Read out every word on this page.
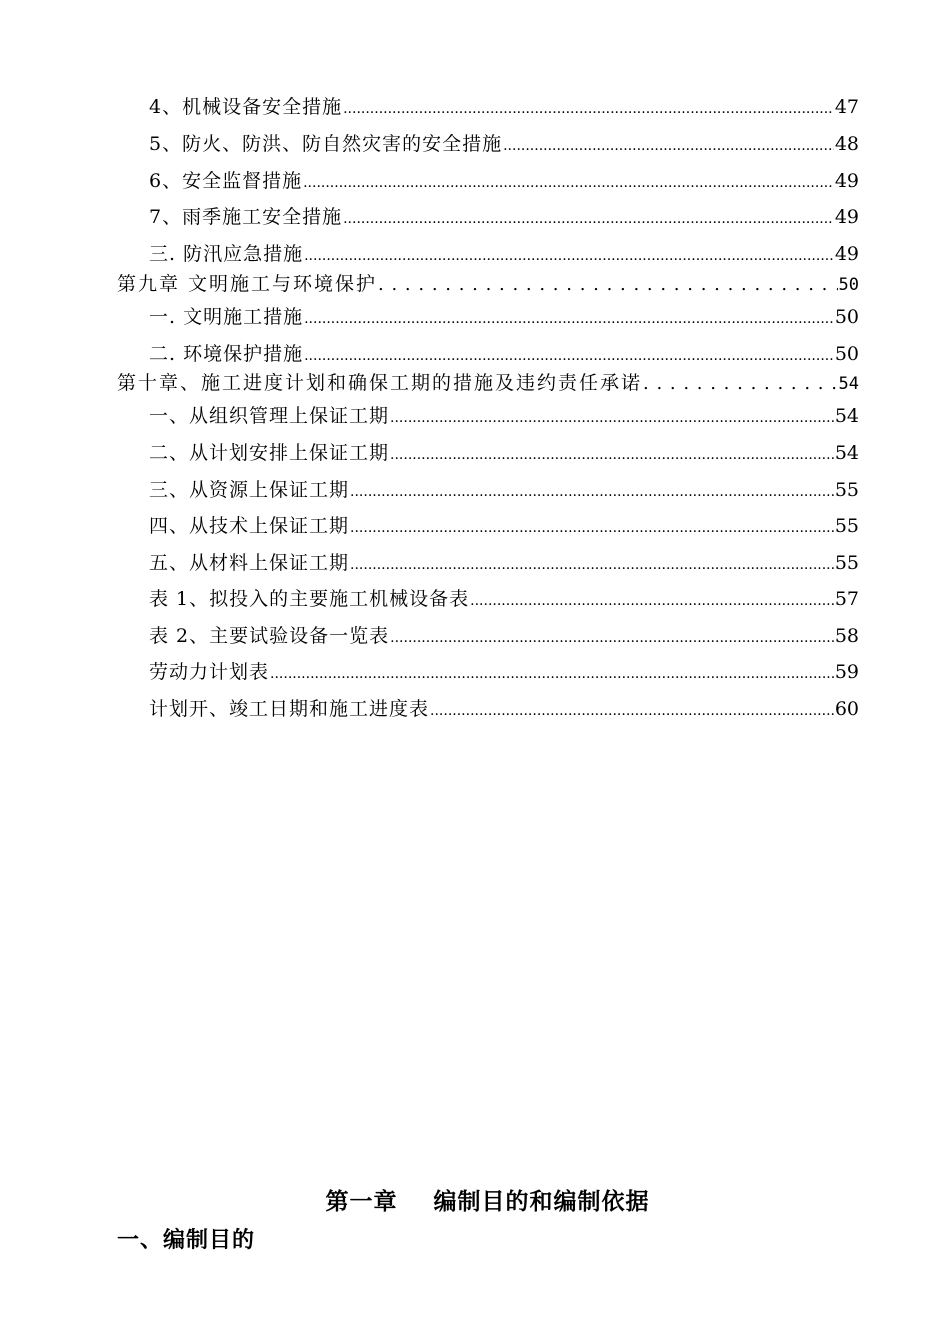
4、机械设备安全措施 .....	47
5、防火、防洪、防自然灾害的安全措施 .....	48
6、安全监督措施 .....	49
7、雨季施工安全措施 .....	49
三. 防汛应急措施 .....	49
第九章 文明施工与环境保护 . . .	50
一. 文明施工措施 .....	50
二. 环境保护措施 .....	50
第十章、施工进度计划和确保工期的措施及违约责任承诺 . . .	54
一、从组织管理上保证工期 .....	54
二、从计划安排上保证工期 .....	54
三、从资源上保证工期 .....	55
四、从技术上保证工期 .....	55
五、从材料上保证工期 .....	55
表 1、拟投入的主要施工机械设备表 .....	57
表 2、主要试验设备一览表 .....	58
劳动力计划表 .....	59
计划开、竣工日期和施工进度表 .....	60
第一章    编制目的和编制依据
一、编制目的
